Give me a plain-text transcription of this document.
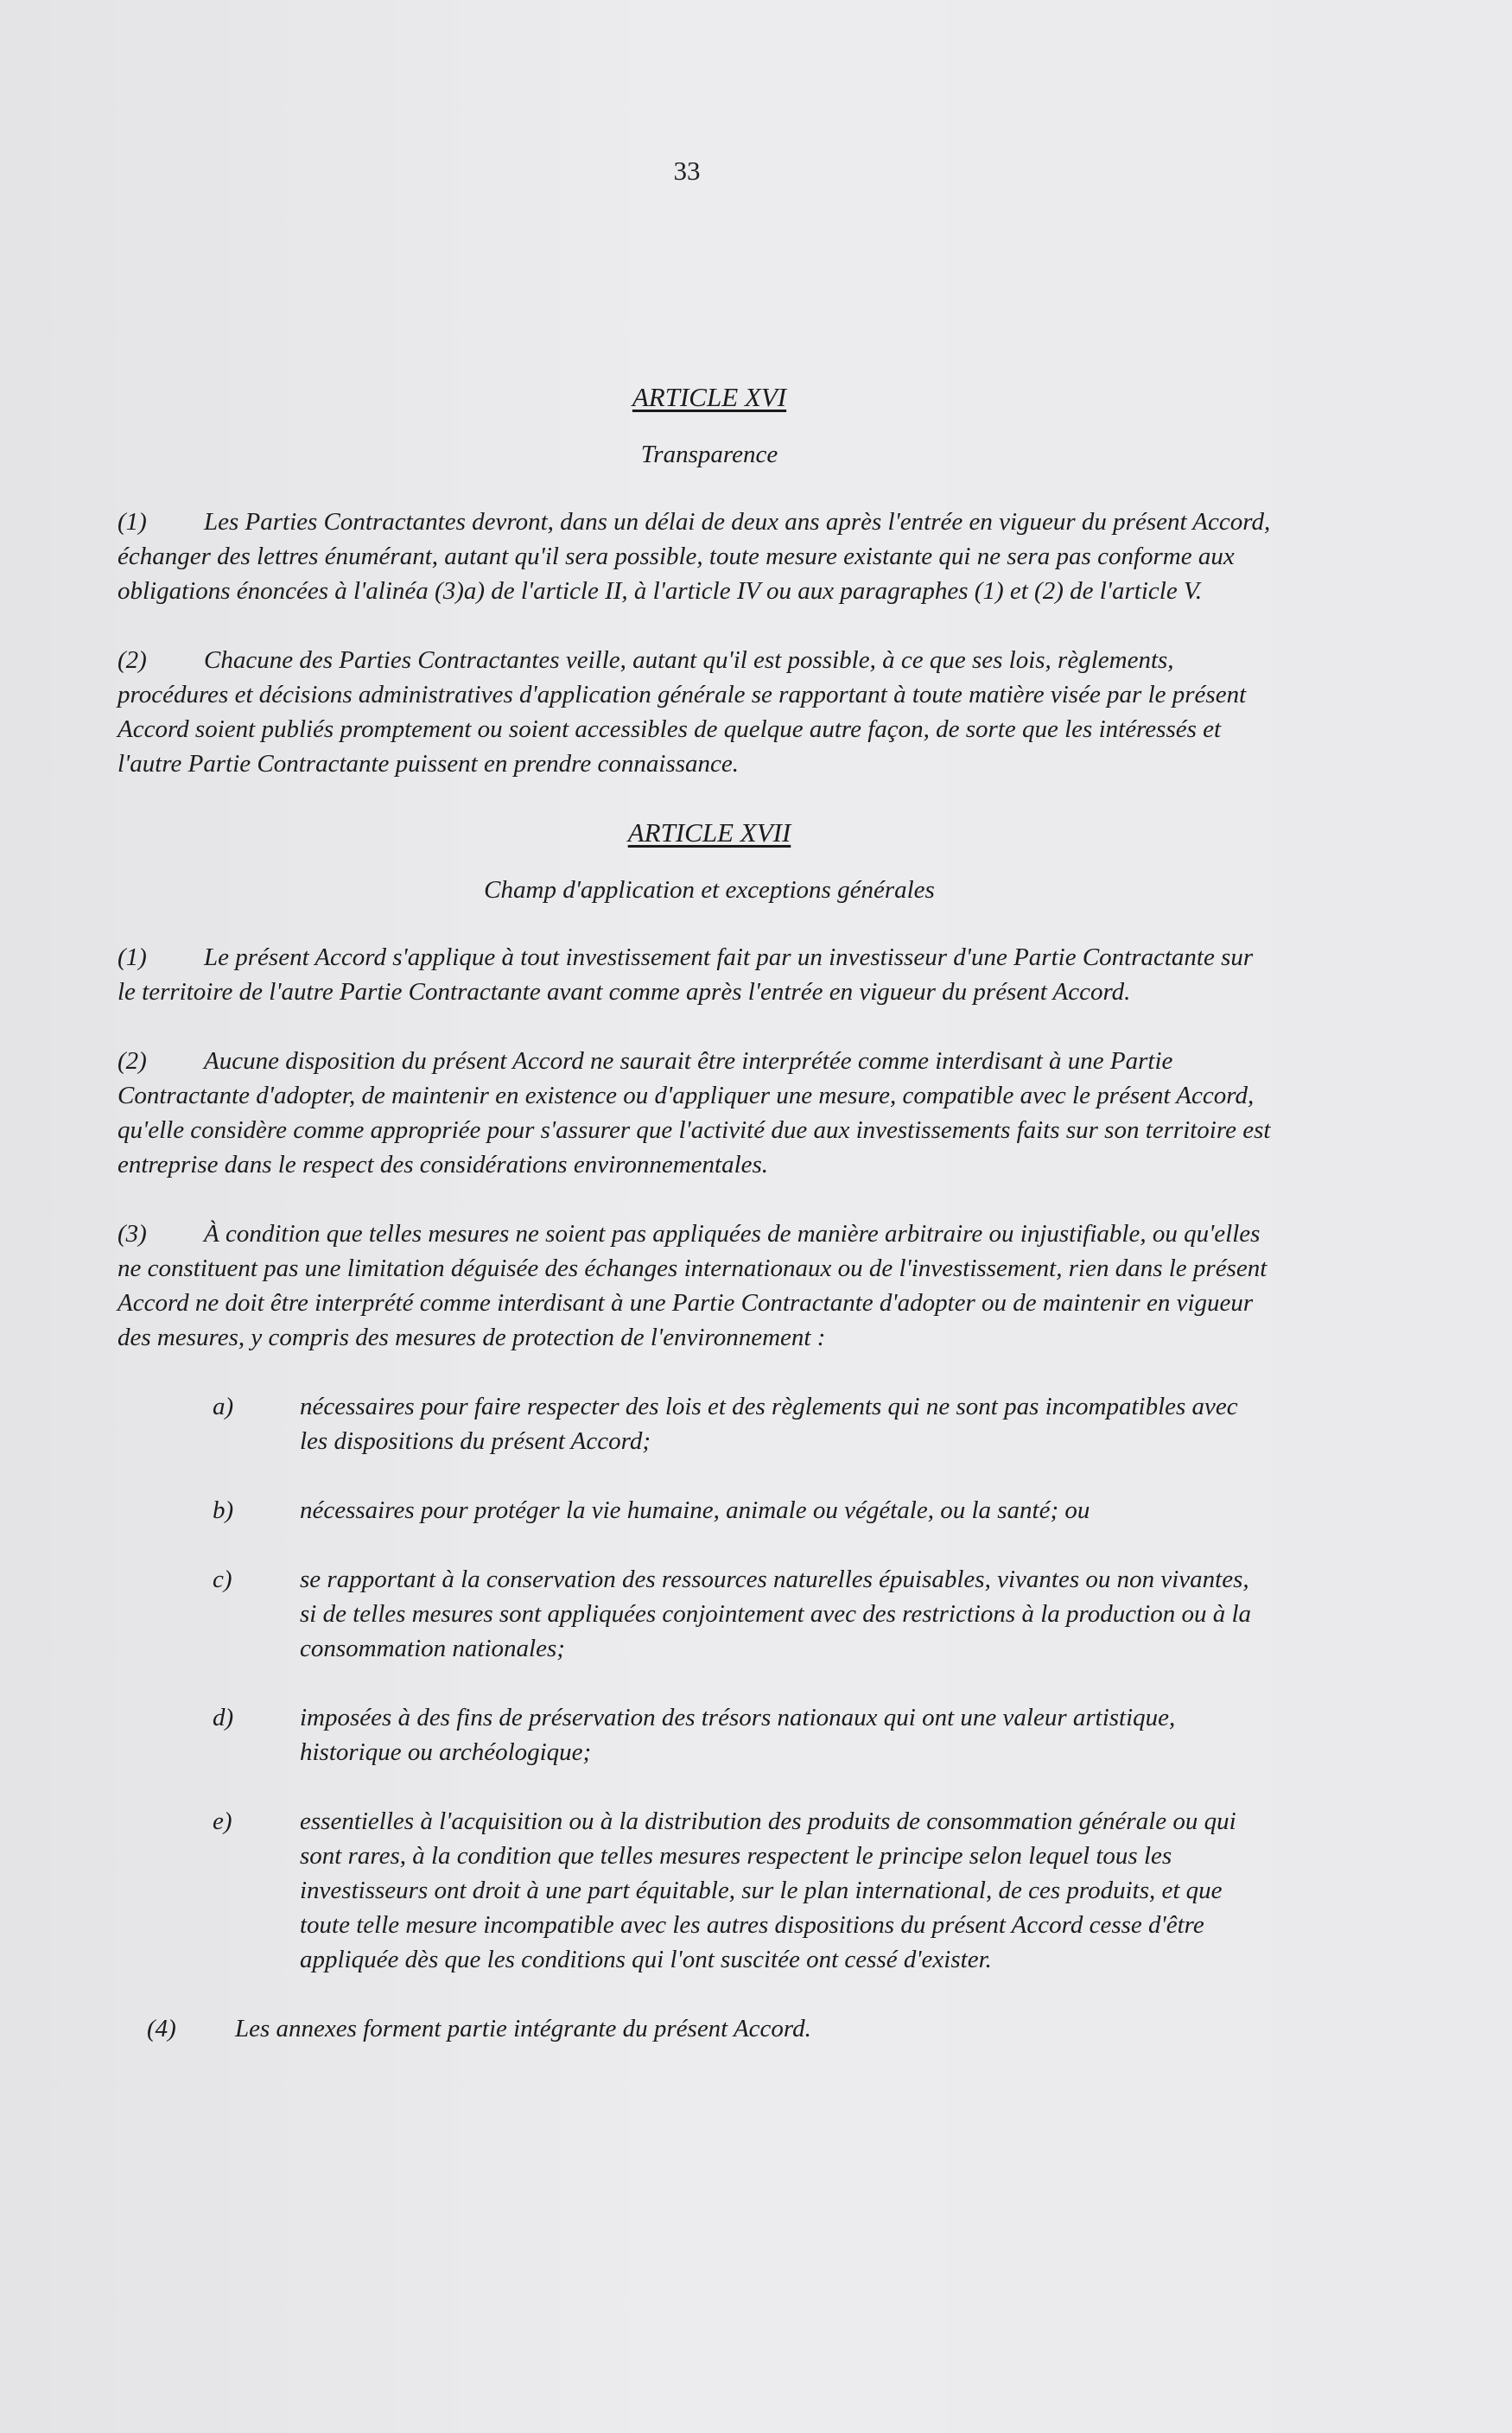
33
ARTICLE XVI
Transparence

(1) Les Parties Contractantes devront, dans un délai de deux ans après l'entrée en vigueur du présent Accord, échanger des lettres énumérant, autant qu'il sera possible, toute mesure existante qui ne sera pas conforme aux obligations énoncées à l'alinéa (3)a) de l'article II, à l'article IV ou aux paragraphes (1) et (2) de l'article V.

(2) Chacune des Parties Contractantes veille, autant qu'il est possible, à ce que ses lois, règlements, procédures et décisions administratives d'application générale se rapportant à toute matière visée par le présent Accord soient publiés promptement ou soient accessibles de quelque autre façon, de sorte que les intéressés et l'autre Partie Contractante puissent en prendre connaissance.

ARTICLE XVII
Champ d'application et exceptions générales

(1) Le présent Accord s'applique à tout investissement fait par un investisseur d'une Partie Contractante sur le territoire de l'autre Partie Contractante avant comme après l'entrée en vigueur du présent Accord.

(2) Aucune disposition du présent Accord ne saurait être interprétée comme interdisant à une Partie Contractante d'adopter, de maintenir en existence ou d'appliquer une mesure, compatible avec le présent Accord, qu'elle considère comme appropriée pour s'assurer que l'activité due aux investissements faits sur son territoire est entreprise dans le respect des considérations environnementales.

(3) À condition que telles mesures ne soient pas appliquées de manière arbitraire ou injustifiable, ou qu'elles ne constituent pas une limitation déguisée des échanges internationaux ou de l'investissement, rien dans le présent Accord ne doit être interprété comme interdisant à une Partie Contractante d'adopter ou de maintenir en vigueur des mesures, y compris des mesures de protection de l'environnement :

a)	nécessaires pour faire respecter des lois et des règlements qui ne sont pas incompatibles avec les dispositions du présent Accord;
b)	nécessaires pour protéger la vie humaine, animale ou végétale, ou la santé; ou
c)	se rapportant à la conservation des ressources naturelles épuisables, vivantes ou non vivantes, si de telles mesures sont appliquées conjointement avec des restrictions à la production ou à la consommation nationales;
d)	imposées à des fins de préservation des trésors nationaux qui ont une valeur artistique, historique ou archéologique;
e)	essentielles à l'acquisition ou à la distribution des produits de consommation générale ou qui sont rares, à la condition que telles mesures respectent le principe selon lequel tous les investisseurs ont droit à une part équitable, sur le plan international, de ces produits, et que toute telle mesure incompatible avec les autres dispositions du présent Accord cesse d'être appliquée dès que les conditions qui l'ont suscitée ont cessé d'exister.

(4) Les annexes forment partie intégrante du présent Accord.
